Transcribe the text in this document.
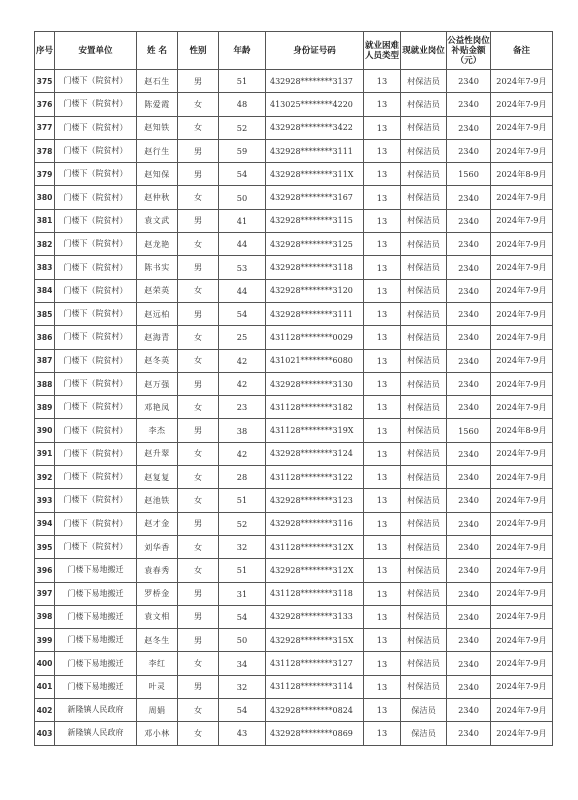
序号	安置单位	姓 名	性别	年龄	身份证号码	就业困难人员类型	现就业岗位	公益性岗位补贴金额（元）	备注
375	门楼下（院贫村）	赵石生	男	51	432928********3137	13	村保洁员	2340	2024年7-9月
376	门楼下（院贫村）	陈爱霞	女	48	413025********4220	13	村保洁员	2340	2024年7-9月
377	门楼下（院贫村）	赵知铁	女	52	432928********3422	13	村保洁员	2340	2024年7-9月
378	门楼下（院贫村）	赵行生	男	59	432928********3111	13	村保洁员	2340	2024年7-9月
379	门楼下（院贫村）	赵知保	男	54	432928********311X	13	村保洁员	1560	2024年8-9月
380	门楼下（院贫村）	赵仲秋	女	50	432928********3167	13	村保洁员	2340	2024年7-9月
381	门楼下（院贫村）	袁文武	男	41	432928********3115	13	村保洁员	2340	2024年7-9月
382	门楼下（院贫村）	赵龙艳	女	44	432928********3125	13	村保洁员	2340	2024年7-9月
383	门楼下（院贫村）	陈书实	男	53	432928********3118	13	村保洁员	2340	2024年7-9月
384	门楼下（院贫村）	赵荣英	女	44	432928********3120	13	村保洁员	2340	2024年7-9月
385	门楼下（院贫村）	赵远柏	男	54	432928********3111	13	村保洁员	2340	2024年7-9月
386	门楼下（院贫村）	赵海青	女	25	431128********0029	13	村保洁员	2340	2024年7-9月
387	门楼下（院贫村）	赵冬英	女	42	431021********6080	13	村保洁员	2340	2024年7-9月
388	门楼下（院贫村）	赵万强	男	42	432928********3130	13	村保洁员	2340	2024年7-9月
389	门楼下（院贫村）	邓艳凤	女	23	431128********3182	13	村保洁员	2340	2024年7-9月
390	门楼下（院贫村）	李杰	男	38	431128********319X	13	村保洁员	1560	2024年8-9月
391	门楼下（院贫村）	赵升翠	女	42	432928********3124	13	村保洁员	2340	2024年7-9月
392	门楼下（院贫村）	赵复复	女	28	431128********3122	13	村保洁员	2340	2024年7-9月
393	门楼下（院贫村）	赵池铁	女	51	432928********3123	13	村保洁员	2340	2024年7-9月
394	门楼下（院贫村）	赵才金	男	52	432928********3116	13	村保洁员	2340	2024年7-9月
395	门楼下（院贫村）	刘华香	女	32	431128********312X	13	村保洁员	2340	2024年7-9月
396	门楼下易地搬迁	袁春秀	女	51	432928********312X	13	村保洁员	2340	2024年7-9月
397	门楼下易地搬迁	罗桥金	男	31	431128********3118	13	村保洁员	2340	2024年7-9月
398	门楼下易地搬迁	袁文相	男	54	432928********3133	13	村保洁员	2340	2024年7-9月
399	门楼下易地搬迁	赵冬生	男	50	432928********315X	13	村保洁员	2340	2024年7-9月
400	门楼下易地搬迁	李红	女	34	431128********3127	13	村保洁员	2340	2024年7-9月
401	门楼下易地搬迁	叶灵	男	32	431128********3114	13	村保洁员	2340	2024年7-9月
402	新隆镇人民政府	周娟	女	54	432928********0824	13	保洁员	2340	2024年7-9月
403	新隆镇人民政府	邓小林	女	43	432928********0869	13	保洁员	2340	2024年7-9月
